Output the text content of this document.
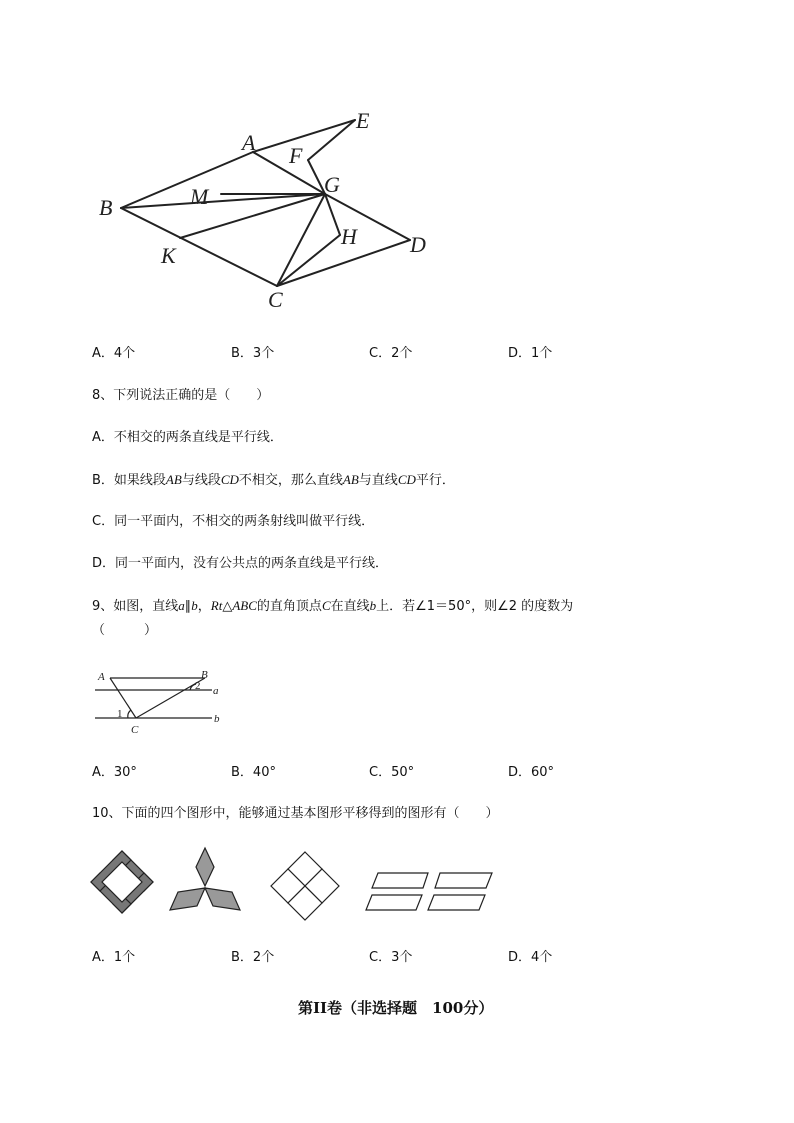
A
B
C
D
E
F
G
H
K
M
A．4个	B．3个	C．2个	D．1个
8、下列说法正确的是（　　）
A．不相交的两条直线是平行线．
B．如果线段AB与线段CD不相交，那么直线AB与直线CD平行．
C．同一平面内，不相交的两条射线叫做平行线．
D．同一平面内，没有公共点的两条直线是平行线．
9、如图，直线a∥b，Rt△ABC的直角顶点C在直线b上．若∠1＝50°，则∠2 的度数为
（　　　）
A	B
C
a
b
1
2
A．30°	B．40°	C．50°	D．60°
10、下面的四个图形中，能够通过基本图形平移得到的图形有（　　）
A．1个	B．2个	C．3个	D．4个
第II卷（非选择题　100分）
